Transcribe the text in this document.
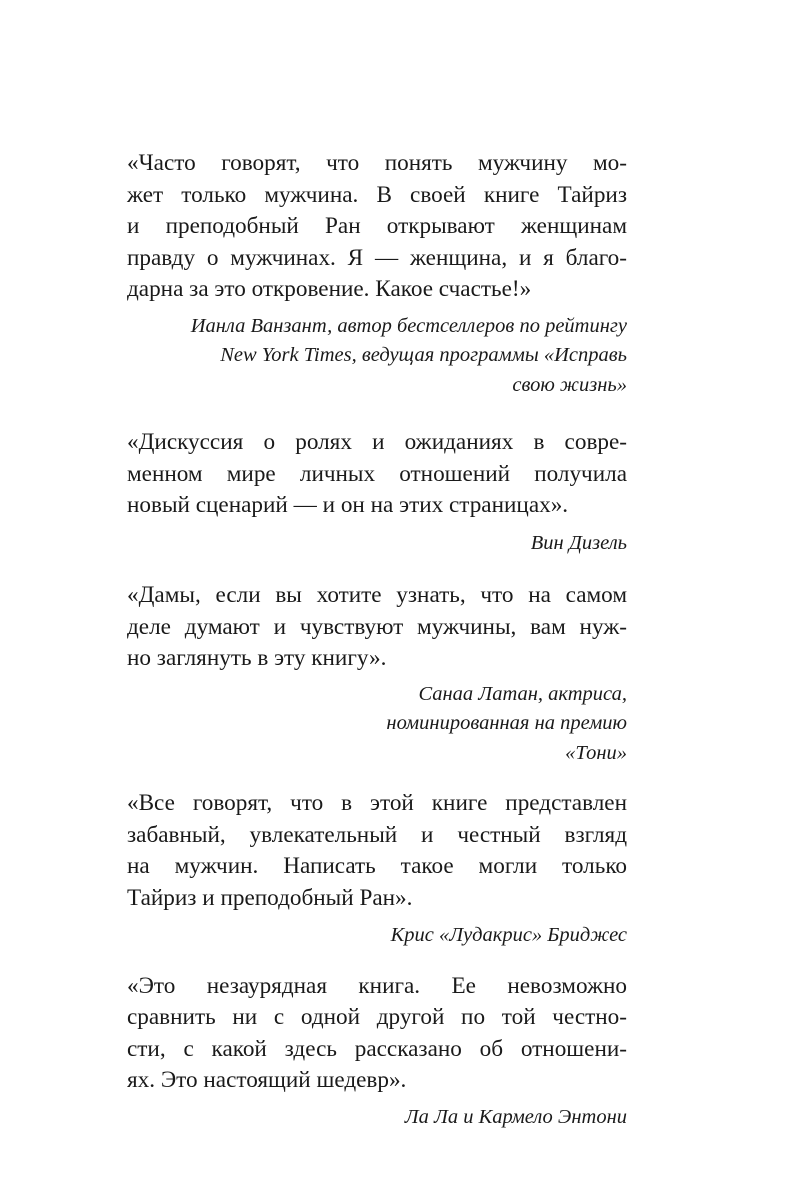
«Часто говорят, что понять мужчину мо-
жет только мужчина. В своей книге Тайриз
и преподобный Ран открывают женщинам
правду о мужчинах. Я — женщина, и я благо-
дарна за это откровение. Какое счастье!»

Ианла Ванзант, автор бестселлеров по рейтингу
New York Times, ведущая программы «Исправь
свою жизнь»

«Дискуссия о ролях и ожиданиях в совре-
менном мире личных отношений получила
новый сценарий — и он на этих страницах».

Вин Дизель

«Дамы, если вы хотите узнать, что на самом
деле думают и чувствуют мужчины, вам нуж-
но заглянуть в эту книгу».

Санаа Латан, актриса,
номинированная на премию
«Тони»

«Все говорят, что в этой книге представлен
забавный, увлекательный и честный взгляд
на мужчин. Написать такое могли только
Тайриз и преподобный Ран».

Крис «Лудакрис» Бриджес

«Это незаурядная книга. Ее невозможно
сравнить ни с одной другой по той честно-
сти, с какой здесь рассказано об отношени-
ях. Это настоящий шедевр».

Ла Ла и Кармело Энтони
